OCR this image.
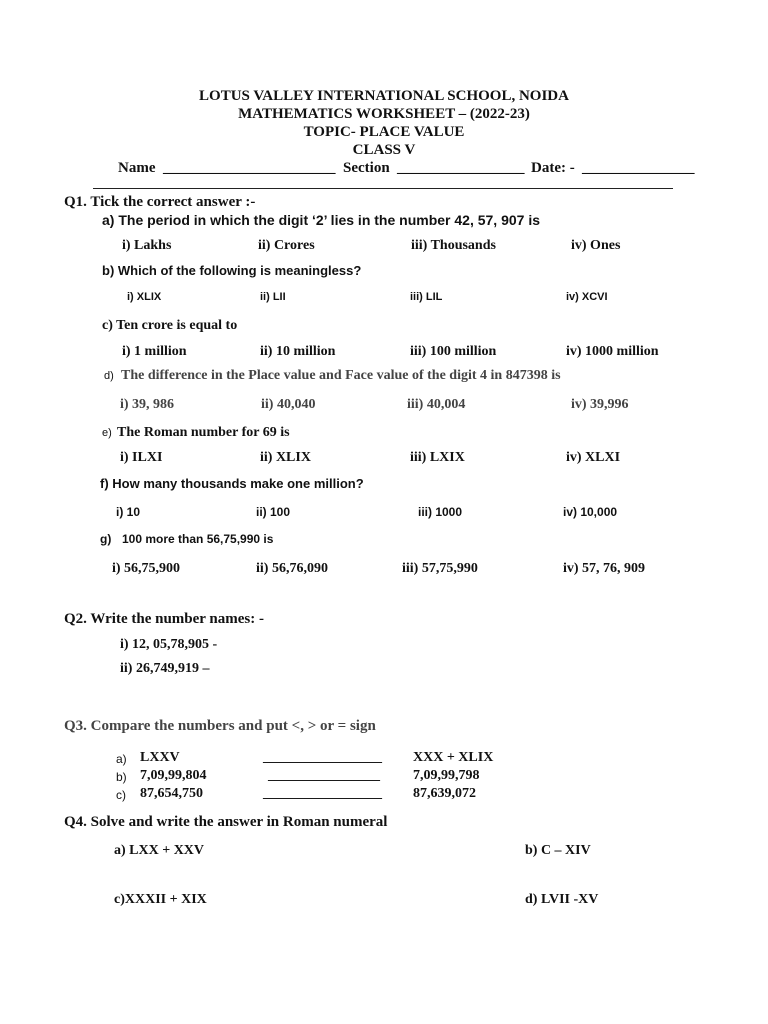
LOTUS VALLEY INTERNATIONAL SCHOOL, NOIDA
MATHEMATICS WORKSHEET – (2022-23)
TOPIC- PLACE VALUE
CLASS V
Name _______________________ Section _________________ Date: - _______________
Q1. Tick the correct answer :-
a) The period in which the digit ‘2’ lies in the number 42, 57, 907 is
i) Lakhs	ii) Crores	iii) Thousands	iv) Ones
b) Which of the following is meaningless?
i) XLIX	ii) LII	iii) LIL	iv) XCVI
c) Ten crore is equal to
i) 1 million	ii) 10 million	iii) 100 million	iv) 1000 million
d) The difference in the Place value and Face value of the digit 4 in 847398 is
i) 39, 986	ii) 40,040	iii) 40,004	iv) 39,996
e) The Roman number for 69 is
i) ILXI	ii) XLIX	iii) LXIX	iv) XLXI
f) How many thousands make one million?
i) 10	ii) 100	iii) 1000	iv) 10,000
g) 100 more than 56,75,990 is
i) 56,75,900	ii) 56,76,090	iii) 57,75,990	iv) 57, 76, 909
Q2. Write the number names: -
i) 12, 05,78,905 -
ii) 26,749,919 –
Q3. Compare the numbers and put <, > or = sign
a) LXXV	_________________ XXX + XLIX
b) 7,09,99,804	________________ 7,09,99,798
c) 87,654,750	_________________ 87,639,072
Q4. Solve and write the answer in Roman numeral
a) LXX + XXV	b) C – XIV
c)XXXII + XIX	d) LVII -XV
